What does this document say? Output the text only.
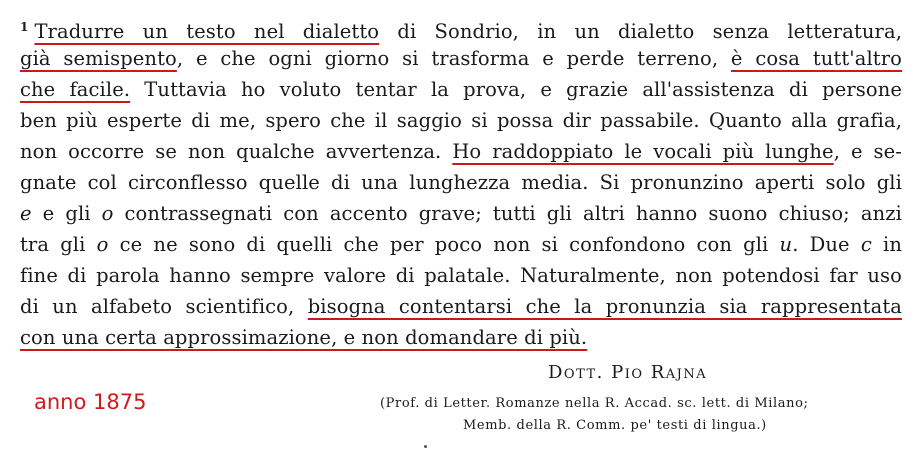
$^1$ Tradurre un testo nel dialetto di Sondrio, in un dialetto senza letteratura,
già semispento, e che ogni giorno si trasforma e perde terreno, è cosa tutt'altro
che facile. Tuttavia ho voluto tentar la prova, e grazie all'assistenza di persone
ben più esperte di me, spero che il saggio si possa dir passabile. Quanto alla grafia,
non occorre se non qualche avvertenza. Ho raddoppiato le vocali più lunghe, e se-
gnate col circonflesso quelle di una lunghezza media. Si pronunzino aperti solo gli
e e gli o contrassegnati con accento grave; tutti gli altri hanno suono chiuso; anzi
tra gli o ce ne sono di quelli che per poco non si confondono con gli u. Due c in
fine di parola hanno sempre valore di palatale. Naturalmente, non potendosi far uso
di un alfabeto scientifico, bisogna contentarsi che la pronunzia sia rappresentata
con una certa approssimazione, e non domandare di più.
anno 1875
Dott. Pio Rajna
(Prof. di Letter. Romanze nella R. Accad. sc. lett. di Milano;
Memb. della R. Comm. pe' testi di lingua.)
